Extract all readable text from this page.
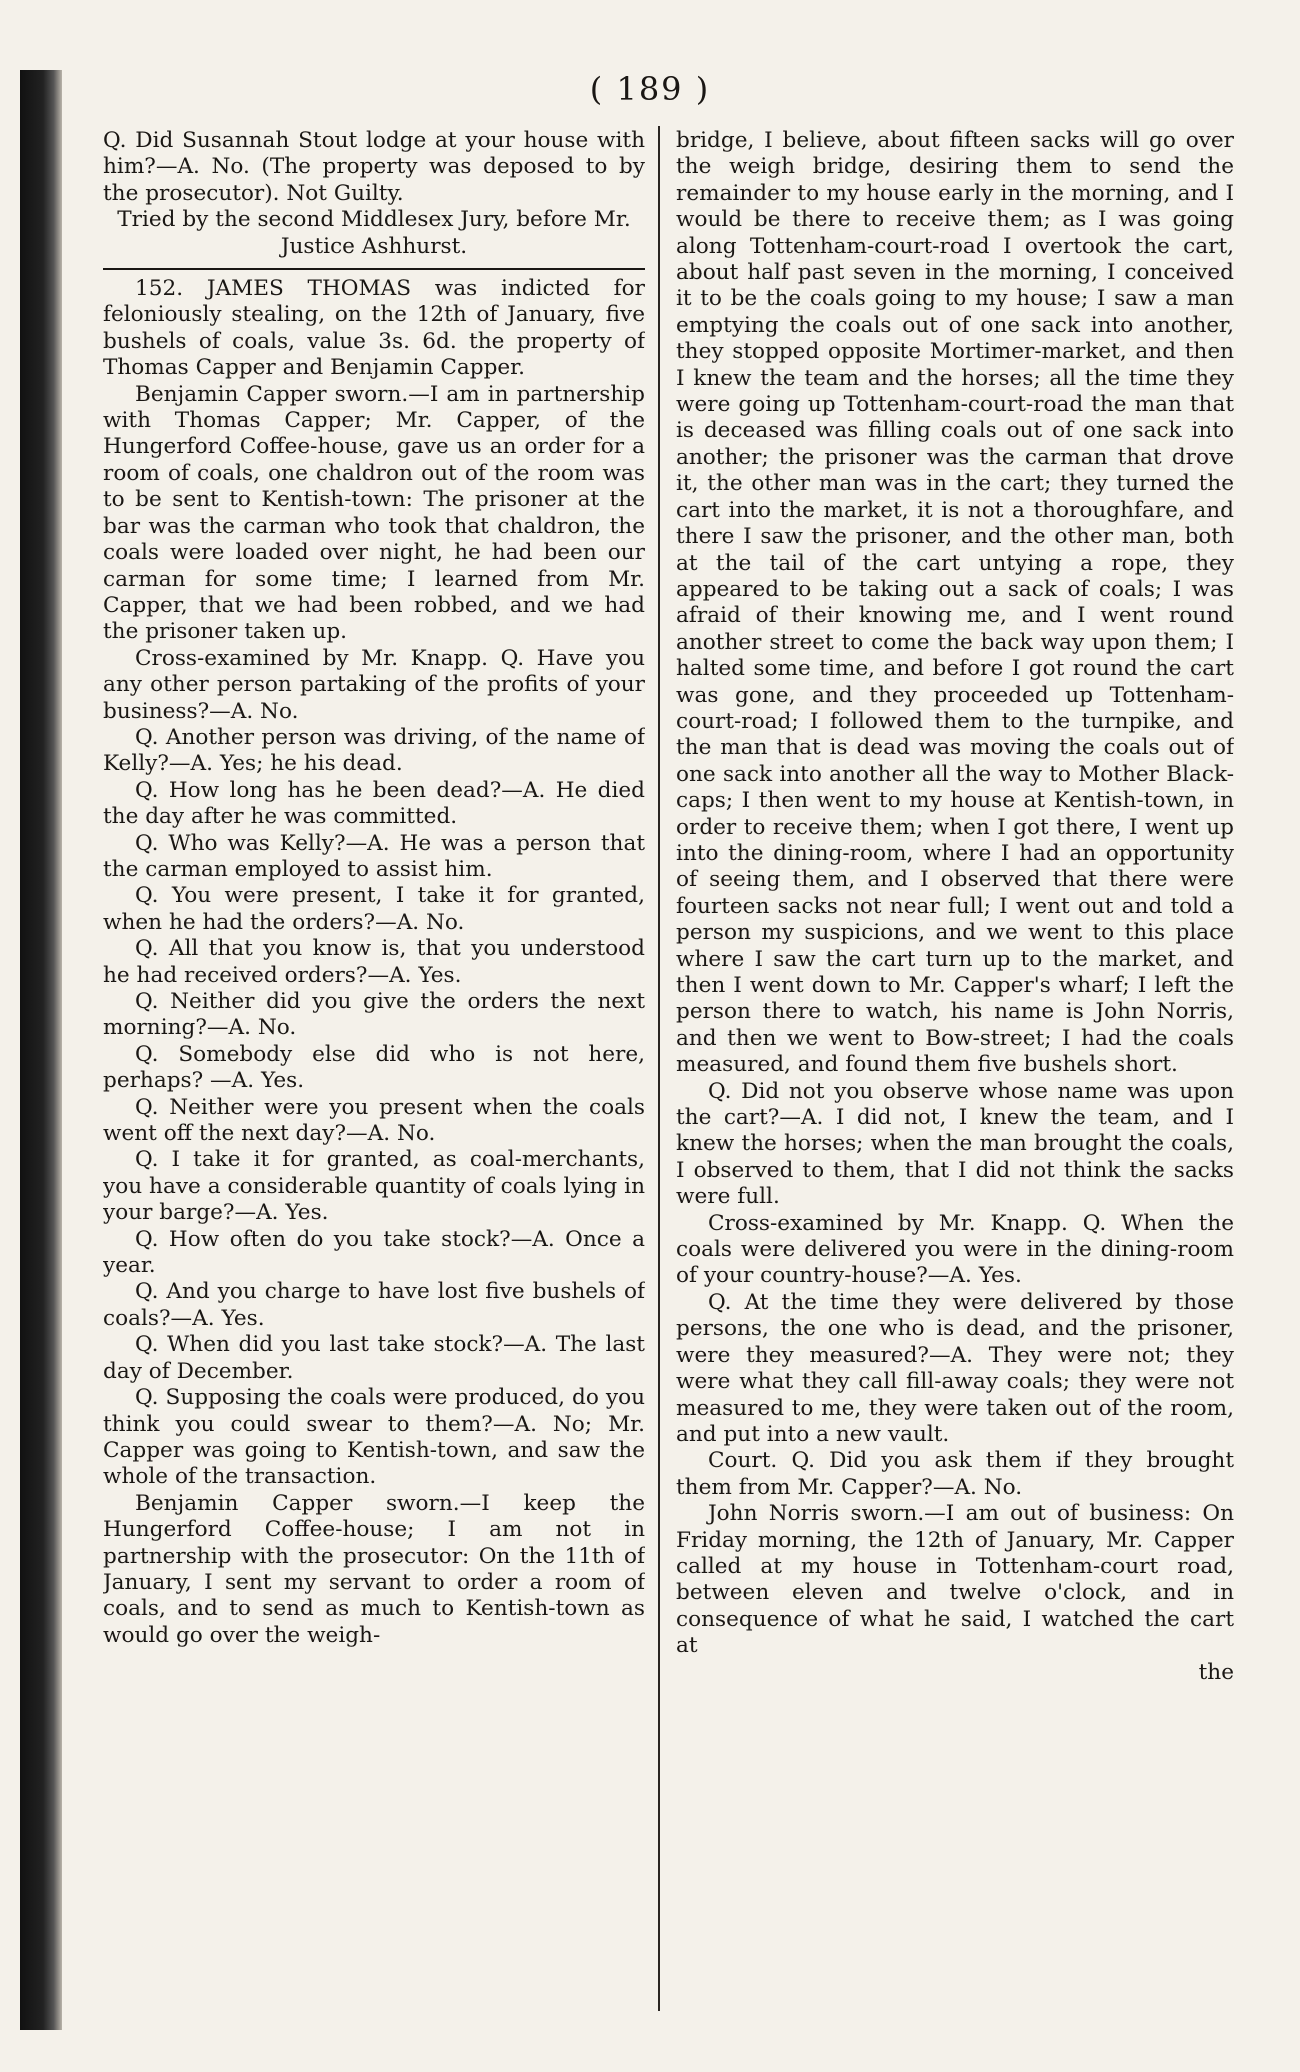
( 189 )

Q. Did Susannah Stout lodge at your house with him?—A. No. (The property was deposed to by the prosecutor). Not Guilty.

Tried by the second Middlesex Jury, before Mr. Justice Ashhurst.

152. JAMES THOMAS was indicted for feloniously stealing, on the 12th of January, five bushels of coals, value 3s. 6d. the property of Thomas Capper and Benjamin Capper.

Benjamin Capper sworn.—I am in partnership with Thomas Capper; Mr. Capper, of the Hungerford Coffee-house, gave us an order for a room of coals, one chaldron out of the room was to be sent to Kentish-town: The prisoner at the bar was the carman who took that chaldron, the coals were loaded over night, he had been our carman for some time; I learned from Mr. Capper, that we had been robbed, and we had the prisoner taken up.

Cross-examined by Mr. Knapp. Q. Have you any other person partaking of the profits of your business?—A. No.

Q. Another person was driving, of the name of Kelly?—A. Yes; he his dead.

Q. How long has he been dead?—A. He died the day after he was committed.

Q. Who was Kelly?—A. He was a person that the carman employed to assist him.

Q. You were present, I take it for granted, when he had the orders?—A. No.

Q. All that you know is, that you understood he had received orders?—A. Yes.

Q. Neither did you give the orders the next morning?—A. No.

Q. Somebody else did who is not here, perhaps? —A. Yes.

Q. Neither were you present when the coals went off the next day?—A. No.

Q. I take it for granted, as coal-merchants, you have a considerable quantity of coals lying in your barge?—A. Yes.

Q. How often do you take stock?—A. Once a year.

Q. And you charge to have lost five bushels of coals?—A. Yes.

Q. When did you last take stock?—A. The last day of December.

Q. Supposing the coals were produced, do you think you could swear to them?—A. No; Mr. Capper was going to Kentish-town, and saw the whole of the transaction.

Benjamin Capper sworn.—I keep the Hungerford Coffee-house; I am not in partnership with the prosecutor: On the 11th of January, I sent my servant to order a room of coals, and to send as much to Kentish-town as would go over the weigh-

bridge, I believe, about fifteen sacks will go over the weigh bridge, desiring them to send the remainder to my house early in the morning, and I would be there to receive them; as I was going along Tottenham-court-road I overtook the cart, about half past seven in the morning, I conceived it to be the coals going to my house; I saw a man emptying the coals out of one sack into another, they stopped opposite Mortimer-market, and then I knew the team and the horses; all the time they were going up Tottenham-court-road the man that is deceased was filling coals out of one sack into another; the prisoner was the carman that drove it, the other man was in the cart; they turned the cart into the market, it is not a thoroughfare, and there I saw the prisoner, and the other man, both at the tail of the cart untying a rope, they appeared to be taking out a sack of coals; I was afraid of their knowing me, and I went round another street to come the back way upon them; I halted some time, and before I got round the cart was gone, and they proceeded up Tottenham-court-road; I followed them to the turnpike, and the man that is dead was moving the coals out of one sack into another all the way to Mother Black-caps; I then went to my house at Kentish-town, in order to receive them; when I got there, I went up into the dining-room, where I had an opportunity of seeing them, and I observed that there were fourteen sacks not near full; I went out and told a person my suspicions, and we went to this place where I saw the cart turn up to the market, and then I went down to Mr. Capper's wharf; I left the person there to watch, his name is John Norris, and then we went to Bow-street; I had the coals measured, and found them five bushels short.

Q. Did not you observe whose name was upon the cart?—A. I did not, I knew the team, and I knew the horses; when the man brought the coals, I observed to them, that I did not think the sacks were full.

Cross-examined by Mr. Knapp. Q. When the coals were delivered you were in the dining-room of your country-house?—A. Yes.

Q. At the time they were delivered by those persons, the one who is dead, and the prisoner, were they measured?—A. They were not; they were what they call fill-away coals; they were not measured to me, they were taken out of the room, and put into a new vault.

Court. Q. Did you ask them if they brought them from Mr. Capper?—A. No.

John Norris sworn.—I am out of business: On Friday morning, the 12th of January, Mr. Capper called at my house in Tottenham-court road, between eleven and twelve o'clock, and in consequence of what he said, I watched the cart at

the
